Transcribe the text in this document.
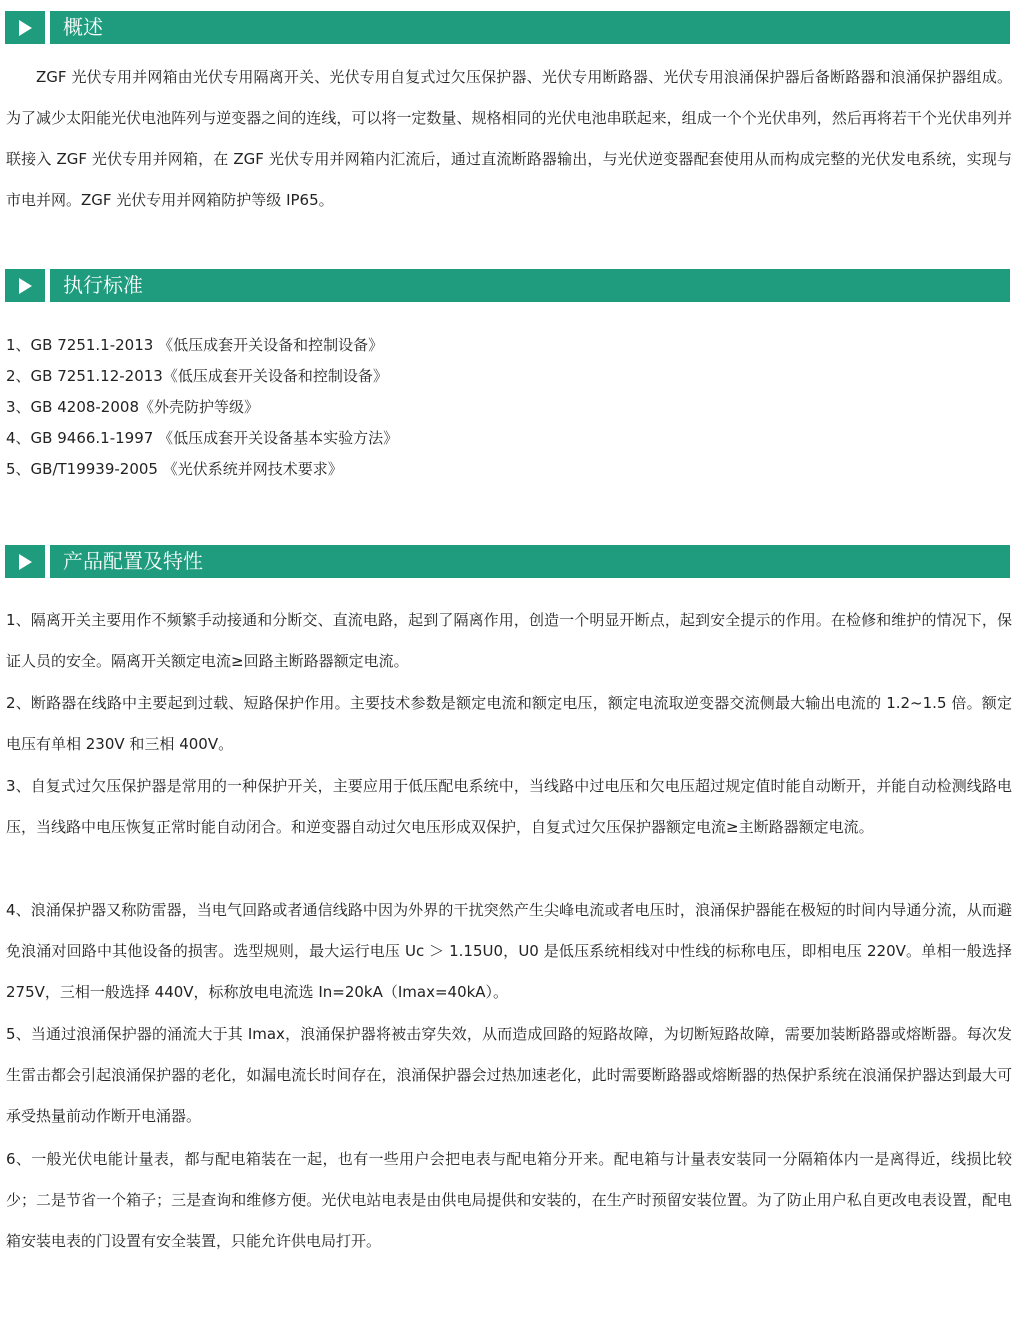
概述

ZGF 光伏专用并网箱由光伏专用隔离开关、光伏专用自复式过欠压保护器、光伏专用断路器、光伏专用浪涌保护器后备断路器和浪涌保护器组成。为了减少太阳能光伏电池阵列与逆变器之间的连线，可以将一定数量、规格相同的光伏电池串联起来，组成一个个光伏串列，然后再将若干个光伏串列并联接入 ZGF 光伏专用并网箱，在 ZGF 光伏专用并网箱内汇流后，通过直流断路器输出，与光伏逆变器配套使用从而构成完整的光伏发电系统，实现与市电并网。ZGF 光伏专用并网箱防护等级 IP65。

执行标准
1、GB 7251.1-2013 《低压成套开关设备和控制设备》
2、GB 7251.12-2013《低压成套开关设备和控制设备》
3、GB 4208-2008《外壳防护等级》
4、GB 9466.1-1997 《低压成套开关设备基本实验方法》
5、GB/T19939-2005 《光伏系统并网技术要求》
产品配置及特性

1、隔离开关主要用作不频繁手动接通和分断交、直流电路，起到了隔离作用，创造一个明显开断点，起到安全提示的作用。在检修和维护的情况下，保证人员的安全。隔离开关额定电流≥回路主断路器额定电流。

2、断路器在线路中主要起到过载、短路保护作用。主要技术参数是额定电流和额定电压，额定电流取逆变器交流侧最大输出电流的 1.2~1.5 倍。额定电压有单相 230V 和三相 400V。

3、自复式过欠压保护器是常用的一种保护开关，主要应用于低压配电系统中，当线路中过电压和欠电压超过规定值时能自动断开，并能自动检测线路电压，当线路中电压恢复正常时能自动闭合。和逆变器自动过欠电压形成双保护，自复式过欠压保护器额定电流≥主断路器额定电流。

4、浪涌保护器又称防雷器，当电气回路或者通信线路中因为外界的干扰突然产生尖峰电流或者电压时，浪涌保护器能在极短的时间内导通分流，从而避免浪涌对回路中其他设备的损害。选型规则，最大运行电压 Uc ＞ 1.15U0，U0 是低压系统相线对中性线的标称电压，即相电压 220V。单相一般选择 275V，三相一般选择 440V，标称放电电流选 In=20kA（Imax=40kA）。

5、当通过浪涌保护器的涌流大于其 Imax，浪涌保护器将被击穿失效，从而造成回路的短路故障，为切断短路故障，需要加装断路器或熔断器。每次发生雷击都会引起浪涌保护器的老化，如漏电流长时间存在，浪涌保护器会过热加速老化，此时需要断路器或熔断器的热保护系统在浪涌保护器达到最大可承受热量前动作断开电涌器。

6、一般光伏电能计量表，都与配电箱装在一起，也有一些用户会把电表与配电箱分开来。配电箱与计量表安装同一分隔箱体内一是离得近，线损比较少；二是节省一个箱子；三是查询和维修方便。光伏电站电表是由供电局提供和安装的，在生产时预留安装位置。为了防止用户私自更改电表设置，配电箱安装电表的门设置有安全装置，只能允许供电局打开。
